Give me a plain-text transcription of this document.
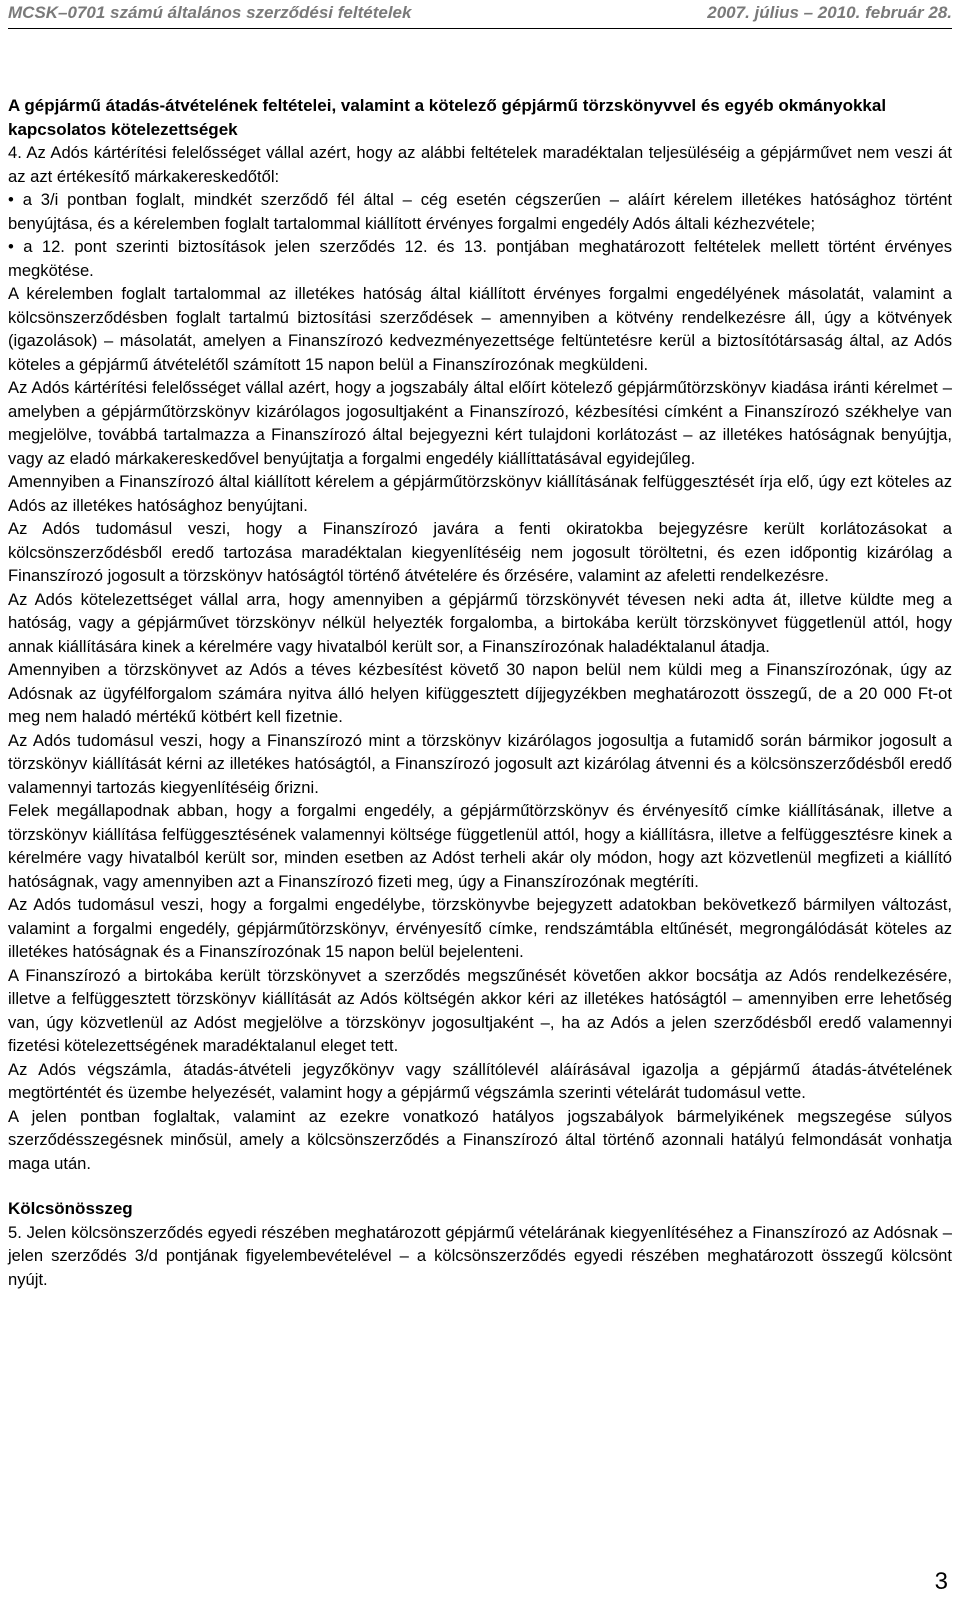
MCSK–0701 számú általános szerződési feltételek	2007. július – 2010. február 28.

A gépjármű átadás-átvételének feltételei, valamint a kötelező gépjármű törzskönyvvel és egyéb okmányokkal kapcsolatos kötelezettségek

4. Az Adós kártérítési felelősséget vállal azért, hogy az alábbi feltételek maradéktalan teljesüléséig a gépjárművet nem veszi át az azt értékesítő márkakereskedőtől:

• a 3/i pontban foglalt, mindkét szerződő fél által – cég esetén cégszerűen – aláírt kérelem illetékes hatósághoz történt benyújtása, és a kérelemben foglalt tartalommal kiállított érvényes forgalmi engedély Adós általi kézhezvétele;

• a 12. pont szerinti biztosítások jelen szerződés 12. és 13. pontjában meghatározott feltételek mellett történt érvényes megkötése.

A kérelemben foglalt tartalommal az illetékes hatóság által kiállított érvényes forgalmi engedélyének másolatát, valamint a kölcsönszerződésben foglalt tartalmú biztosítási szerződések – amennyiben a kötvény rendelkezésre áll, úgy a kötvények (igazolások) – másolatát, amelyen a Finanszírozó kedvezményezettsége feltüntetésre kerül a biztosítótársaság által, az Adós köteles a gépjármű átvételétől számított 15 napon belül a Finanszírozónak megküldeni.

Az Adós kártérítési felelősséget vállal azért, hogy a jogszabály által előírt kötelező gépjárműtörzskönyv kiadása iránti kérelmet – amelyben a gépjárműtörzskönyv kizárólagos jogosultjaként a Finanszírozó, kézbesítési címként a Finanszírozó székhelye van megjelölve, továbbá tartalmazza a Finanszírozó által bejegyezni kért tulajdoni korlátozást – az illetékes hatóságnak benyújtja, vagy az eladó márkakereskedővel benyújtatja a forgalmi engedély kiállíttatásával egyidejűleg.

Amennyiben a Finanszírozó által kiállított kérelem a gépjárműtörzskönyv kiállításának felfüggesztését írja elő, úgy ezt köteles az Adós az illetékes hatósághoz benyújtani.

Az Adós tudomásul veszi, hogy a Finanszírozó javára a fenti okiratokba bejegyzésre került korlátozásokat a kölcsönszerződésből eredő tartozása maradéktalan kiegyenlítéséig nem jogosult töröltetni, és ezen időpontig kizárólag a Finanszírozó jogosult a törzskönyv hatóságtól történő átvételére és őrzésére, valamint az afeletti rendelkezésre.

Az Adós kötelezettséget vállal arra, hogy amennyiben a gépjármű törzskönyvét tévesen neki adta át, illetve küldte meg a hatóság, vagy a gépjárművet törzskönyv nélkül helyezték forgalomba, a birtokába került törzskönyvet függetlenül attól, hogy annak kiállítására kinek a kérelmére vagy hivatalból került sor, a Finanszírozónak haladéktalanul átadja.

Amennyiben a törzskönyvet az Adós a téves kézbesítést követő 30 napon belül nem küldi meg a Finanszírozónak, úgy az Adósnak az ügyfélforgalom számára nyitva álló helyen kifüggesztett díjjegyzékben meghatározott összegű, de a 20 000 Ft-ot meg nem haladó mértékű kötbért kell fizetnie.

Az Adós tudomásul veszi, hogy a Finanszírozó mint a törzskönyv kizárólagos jogosultja a futamidő során bármikor jogosult a törzskönyv kiállítását kérni az illetékes hatóságtól, a Finanszírozó jogosult azt kizárólag átvenni és a kölcsönszerződésből eredő valamennyi tartozás kiegyenlítéséig őrizni.

Felek megállapodnak abban, hogy a forgalmi engedély, a gépjárműtörzskönyv és érvényesítő címke kiállításának, illetve a törzskönyv kiállítása felfüggesztésének valamennyi költsége függetlenül attól, hogy a kiállításra, illetve a felfüggesztésre kinek a kérelmére vagy hivatalból került sor, minden esetben az Adóst terheli akár oly módon, hogy azt közvetlenül megfizeti a kiállító hatóságnak, vagy amennyiben azt a Finanszírozó fizeti meg, úgy a Finanszírozónak megtéríti.

Az Adós tudomásul veszi, hogy a forgalmi engedélybe, törzskönyvbe bejegyzett adatokban bekövetkező bármilyen változást, valamint a forgalmi engedély, gépjárműtörzskönyv, érvényesítő címke, rendszámtábla eltűnését, megrongálódását köteles az illetékes hatóságnak és a Finanszírozónak 15 napon belül bejelenteni.

A Finanszírozó a birtokába került törzskönyvet a szerződés megszűnését követően akkor bocsátja az Adós rendelkezésére, illetve a felfüggesztett törzskönyv kiállítását az Adós költségén akkor kéri az illetékes hatóságtól – amennyiben erre lehetőség van, úgy közvetlenül az Adóst megjelölve a törzskönyv jogosultjaként –, ha az Adós a jelen szerződésből eredő valamennyi fizetési kötelezettségének maradéktalanul eleget tett.

Az Adós végszámla, átadás-átvételi jegyzőkönyv vagy szállítólevél aláírásával igazolja a gépjármű átadás-átvételének megtörténtét és üzembe helyezését, valamint hogy a gépjármű végszámla szerinti vételárát tudomásul vette.

A jelen pontban foglaltak, valamint az ezekre vonatkozó hatályos jogszabályok bármelyikének megszegése súlyos szerződésszegésnek minősül, amely a kölcsönszerződés a Finanszírozó által történő azonnali hatályú felmondását vonhatja maga után.

Kölcsönösszeg

5. Jelen kölcsönszerződés egyedi részében meghatározott gépjármű vételárának kiegyenlítéséhez a Finanszírozó az Adósnak – jelen szerződés 3/d pontjának figyelembevételével – a kölcsönszerződés egyedi részében meghatározott összegű kölcsönt nyújt.

3
